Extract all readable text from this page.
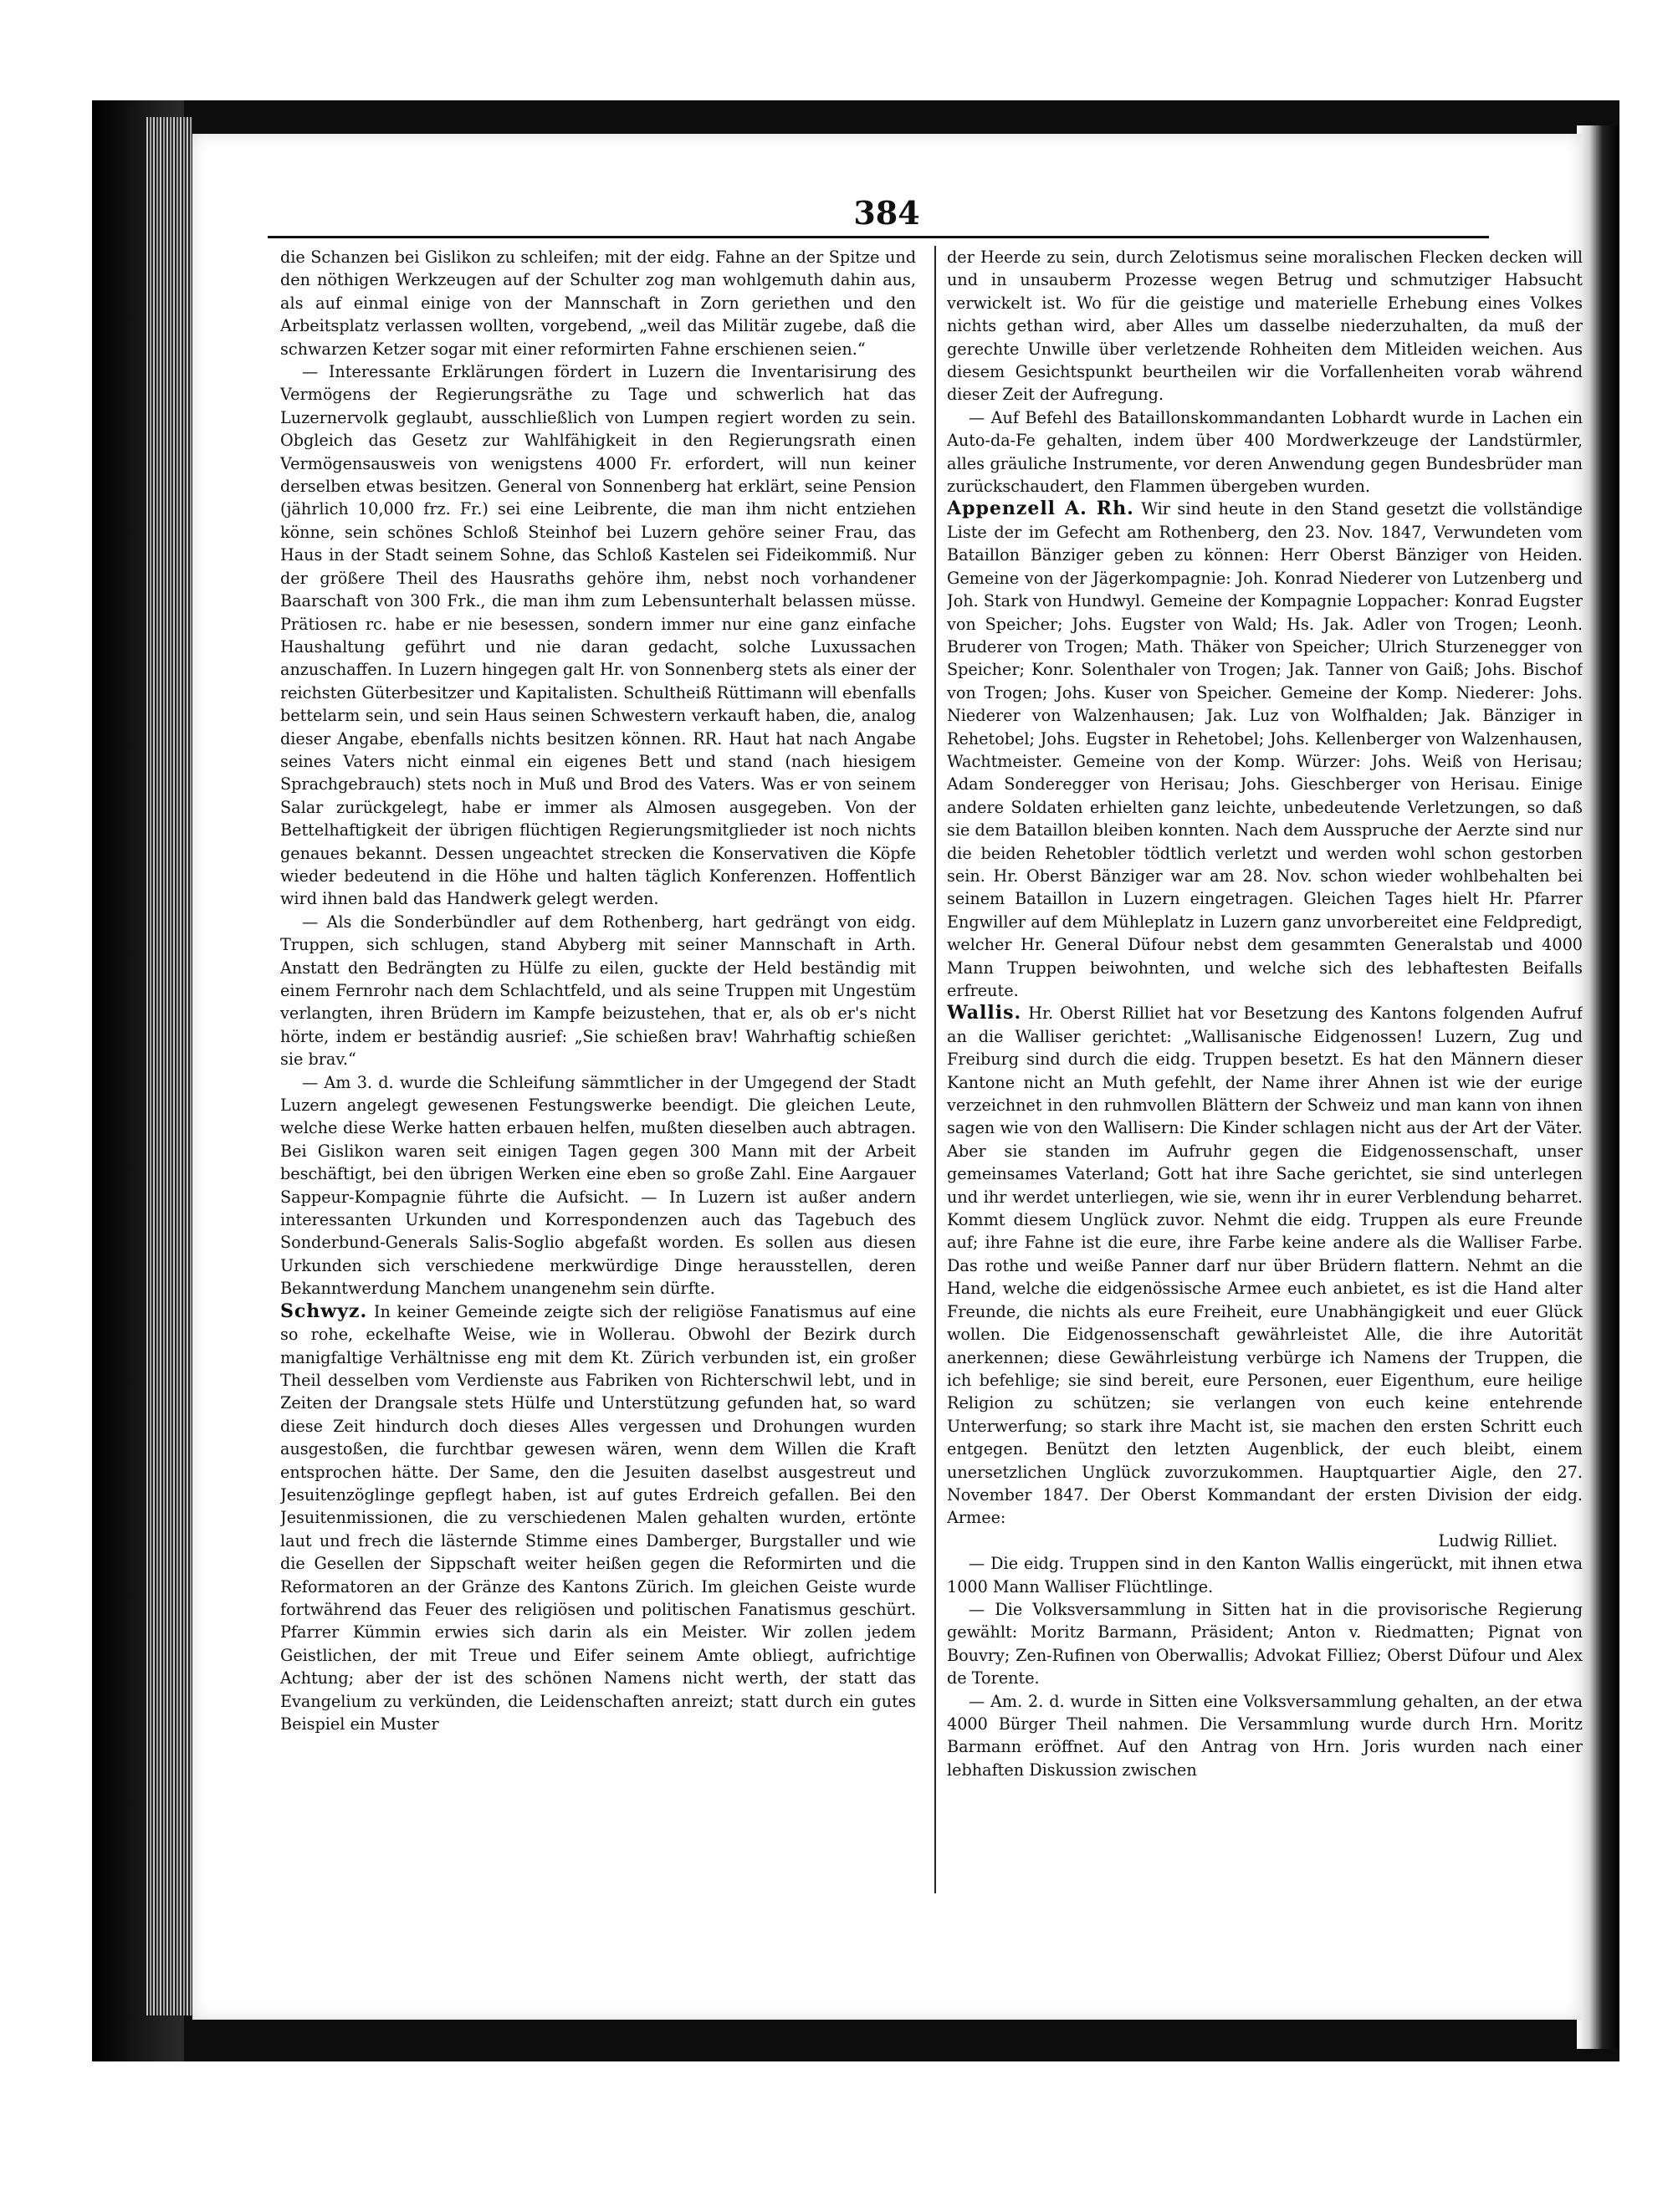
384

die Schanzen bei Gislikon zu schleifen; mit der eidg. Fahne an der Spitze und den nöthigen Werkzeugen auf der Schulter zog man wohlgemuth dahin aus, als auf einmal einige von der Mannschaft in Zorn geriethen und den Arbeitsplatz verlassen wollten, vorgebend, „weil das Militär zugebe, daß die schwarzen Ketzer sogar mit einer reformirten Fahne erschienen seien.“

— Interessante Erklärungen fördert in Luzern die Inventarisirung des Vermögens der Regierungsräthe zu Tage und schwerlich hat das Luzernervolk geglaubt, ausschließlich von Lumpen regiert worden zu sein. Obgleich das Gesetz zur Wahlfähigkeit in den Regierungsrath einen Vermögensausweis von wenigstens 4000 Fr. erfordert, will nun keiner derselben etwas besitzen. General von Sonnenberg hat erklärt, seine Pension (jährlich 10,000 frz. Fr.) sei eine Leibrente, die man ihm nicht entziehen könne, sein schönes Schloß Steinhof bei Luzern gehöre seiner Frau, das Haus in der Stadt seinem Sohne, das Schloß Kastelen sei Fideikommiß. Nur der größere Theil des Hausraths gehöre ihm, nebst noch vorhandener Baarschaft von 300 Frk., die man ihm zum Lebensunterhalt belassen müsse. Prätiosen rc. habe er nie besessen, sondern immer nur eine ganz einfache Haushaltung geführt und nie daran gedacht, solche Luxussachen anzuschaffen. In Luzern hingegen galt Hr. von Sonnenberg stets als einer der reichsten Güterbesitzer und Kapitalisten. Schultheiß Rüttimann will ebenfalls bettelarm sein, und sein Haus seinen Schwestern verkauft haben, die, analog dieser Angabe, ebenfalls nichts besitzen können. RR. Haut hat nach Angabe seines Vaters nicht einmal ein eigenes Bett und stand (nach hiesigem Sprachgebrauch) stets noch in Muß und Brod des Vaters. Was er von seinem Salar zurückgelegt, habe er immer als Almosen ausgegeben. Von der Bettelhaftigkeit der übrigen flüchtigen Regierungsmitglieder ist noch nichts genaues bekannt. Dessen ungeachtet strecken die Konservativen die Köpfe wieder bedeutend in die Höhe und halten täglich Konferenzen. Hoffentlich wird ihnen bald das Handwerk gelegt werden.

— Als die Sonderbündler auf dem Rothenberg, hart gedrängt von eidg. Truppen, sich schlugen, stand Abyberg mit seiner Mannschaft in Arth. Anstatt den Bedrängten zu Hülfe zu eilen, guckte der Held beständig mit einem Fernrohr nach dem Schlachtfeld, und als seine Truppen mit Ungestüm verlangten, ihren Brüdern im Kampfe beizustehen, that er, als ob er's nicht hörte, indem er beständig ausrief: „Sie schießen brav! Wahrhaftig schießen sie brav.“

— Am 3. d. wurde die Schleifung sämmtlicher in der Umgegend der Stadt Luzern angelegt gewesenen Festungswerke beendigt. Die gleichen Leute, welche diese Werke hatten erbauen helfen, mußten dieselben auch abtragen. Bei Gislikon waren seit einigen Tagen gegen 300 Mann mit der Arbeit beschäftigt, bei den übrigen Werken eine eben so große Zahl. Eine Aargauer Sappeur-Kompagnie führte die Aufsicht. — In Luzern ist außer andern interessanten Urkunden und Korrespondenzen auch das Tagebuch des Sonderbund-Generals Salis-Soglio abgefaßt worden. Es sollen aus diesen Urkunden sich verschiedene merkwürdige Dinge herausstellen, deren Bekanntwerdung Manchem unangenehm sein dürfte.

Schwyz. In keiner Gemeinde zeigte sich der religiöse Fanatismus auf eine so rohe, eckelhafte Weise, wie in Wollerau. Obwohl der Bezirk durch manigfaltige Verhältnisse eng mit dem Kt. Zürich verbunden ist, ein großer Theil desselben vom Verdienste aus Fabriken von Richterschwil lebt, und in Zeiten der Drangsale stets Hülfe und Unterstützung gefunden hat, so ward diese Zeit hindurch doch dieses Alles vergessen und Drohungen wurden ausgestoßen, die furchtbar gewesen wären, wenn dem Willen die Kraft entsprochen hätte. Der Same, den die Jesuiten daselbst ausgestreut und Jesuitenzöglinge gepflegt haben, ist auf gutes Erdreich gefallen. Bei den Jesuitenmissionen, die zu verschiedenen Malen gehalten wurden, ertönte laut und frech die lästernde Stimme eines Damberger, Burgstaller und wie die Gesellen der Sippschaft weiter heißen gegen die Reformirten und die Reformatoren an der Gränze des Kantons Zürich. Im gleichen Geiste wurde fortwährend das Feuer des religiösen und politischen Fanatismus geschürt. Pfarrer Kümmin erwies sich darin als ein Meister. Wir zollen jedem Geistlichen, der mit Treue und Eifer seinem Amte obliegt, aufrichtige Achtung; aber der ist des schönen Namens nicht werth, der statt das Evangelium zu verkünden, die Leidenschaften anreizt; statt durch ein gutes Beispiel ein Muster

der Heerde zu sein, durch Zelotismus seine moralischen Flecken decken will und in unsauberm Prozesse wegen Betrug und schmutziger Habsucht verwickelt ist. Wo für die geistige und materielle Erhebung eines Volkes nichts gethan wird, aber Alles um dasselbe niederzuhalten, da muß der gerechte Unwille über verletzende Rohheiten dem Mitleiden weichen. Aus diesem Gesichtspunkt beurtheilen wir die Vorfallenheiten vorab während dieser Zeit der Aufregung.

— Auf Befehl des Bataillonskommandanten Lobhardt wurde in Lachen ein Auto-da-Fe gehalten, indem über 400 Mordwerkzeuge der Landstürmler, alles gräuliche Instrumente, vor deren Anwendung gegen Bundesbrüder man zurückschaudert, den Flammen übergeben wurden.

Appenzell A. Rh. Wir sind heute in den Stand gesetzt die vollständige Liste der im Gefecht am Rothenberg, den 23. Nov. 1847, Verwundeten vom Bataillon Bänziger geben zu können: Herr Oberst Bänziger von Heiden. Gemeine von der Jägerkompagnie: Joh. Konrad Niederer von Lutzenberg und Joh. Stark von Hundwyl. Gemeine der Kompagnie Loppacher: Konrad Eugster von Speicher; Johs. Eugster von Wald; Hs. Jak. Adler von Trogen; Leonh. Bruderer von Trogen; Math. Thäker von Speicher; Ulrich Sturzenegger von Speicher; Konr. Solenthaler von Trogen; Jak. Tanner von Gaiß; Johs. Bischof von Trogen; Johs. Kuser von Speicher. Gemeine der Komp. Niederer: Johs. Niederer von Walzenhausen; Jak. Luz von Wolfhalden; Jak. Bänziger in Rehetobel; Johs. Eugster in Rehetobel; Johs. Kellenberger von Walzenhausen, Wachtmeister. Gemeine von der Komp. Würzer: Johs. Weiß von Herisau; Adam Sonderegger von Herisau; Johs. Gieschberger von Herisau. Einige andere Soldaten erhielten ganz leichte, unbedeutende Verletzungen, so daß sie dem Bataillon bleiben konnten. Nach dem Ausspruche der Aerzte sind nur die beiden Rehetobler tödtlich verletzt und werden wohl schon gestorben sein. Hr. Oberst Bänziger war am 28. Nov. schon wieder wohlbehalten bei seinem Bataillon in Luzern eingetragen. Gleichen Tages hielt Hr. Pfarrer Engwiller auf dem Mühleplatz in Luzern ganz unvorbereitet eine Feldpredigt, welcher Hr. General Düfour nebst dem gesammten Generalstab und 4000 Mann Truppen beiwohnten, und welche sich des lebhaftesten Beifalls erfreute.

Wallis. Hr. Oberst Rilliet hat vor Besetzung des Kantons folgenden Aufruf an die Walliser gerichtet: „Wallisanische Eidgenossen! Luzern, Zug und Freiburg sind durch die eidg. Truppen besetzt. Es hat den Männern dieser Kantone nicht an Muth gefehlt, der Name ihrer Ahnen ist wie der eurige verzeichnet in den ruhmvollen Blättern der Schweiz und man kann von ihnen sagen wie von den Wallisern: Die Kinder schlagen nicht aus der Art der Väter. Aber sie standen im Aufruhr gegen die Eidgenossenschaft, unser gemeinsames Vaterland; Gott hat ihre Sache gerichtet, sie sind unterlegen und ihr werdet unterliegen, wie sie, wenn ihr in eurer Verblendung beharret. Kommt diesem Unglück zuvor. Nehmt die eidg. Truppen als eure Freunde auf; ihre Fahne ist die eure, ihre Farbe keine andere als die Walliser Farbe. Das rothe und weiße Panner darf nur über Brüdern flattern. Nehmt an die Hand, welche die eidgenössische Armee euch anbietet, es ist die Hand alter Freunde, die nichts als eure Freiheit, eure Unabhängigkeit und euer Glück wollen. Die Eidgenossenschaft gewährleistet Alle, die ihre Autorität anerkennen; diese Gewährleistung verbürge ich Namens der Truppen, die ich befehlige; sie sind bereit, eure Personen, euer Eigenthum, eure heilige Religion zu schützen; sie verlangen von euch keine entehrende Unterwerfung; so stark ihre Macht ist, sie machen den ersten Schritt euch entgegen. Benützt den letzten Augenblick, der euch bleibt, einem unersetzlichen Unglück zuvorzukommen. Hauptquartier Aigle, den 27. November 1847. Der Oberst Kommandant der ersten Division der eidg. Armee:

Ludwig Rilliet.

— Die eidg. Truppen sind in den Kanton Wallis eingerückt, mit ihnen etwa 1000 Mann Walliser Flüchtlinge.

— Die Volksversammlung in Sitten hat in die provisorische Regierung gewählt: Moritz Barmann, Präsident; Anton v. Riedmatten; Pignat von Bouvry; Zen-Rufinen von Oberwallis; Advokat Filliez; Oberst Düfour und Alex de Torente.

— Am. 2. d. wurde in Sitten eine Volksversammlung gehalten, an der etwa 4000 Bürger Theil nahmen. Die Versammlung wurde durch Hrn. Moritz Barmann eröffnet. Auf den Antrag von Hrn. Joris wurden nach einer lebhaften Diskussion zwischen
